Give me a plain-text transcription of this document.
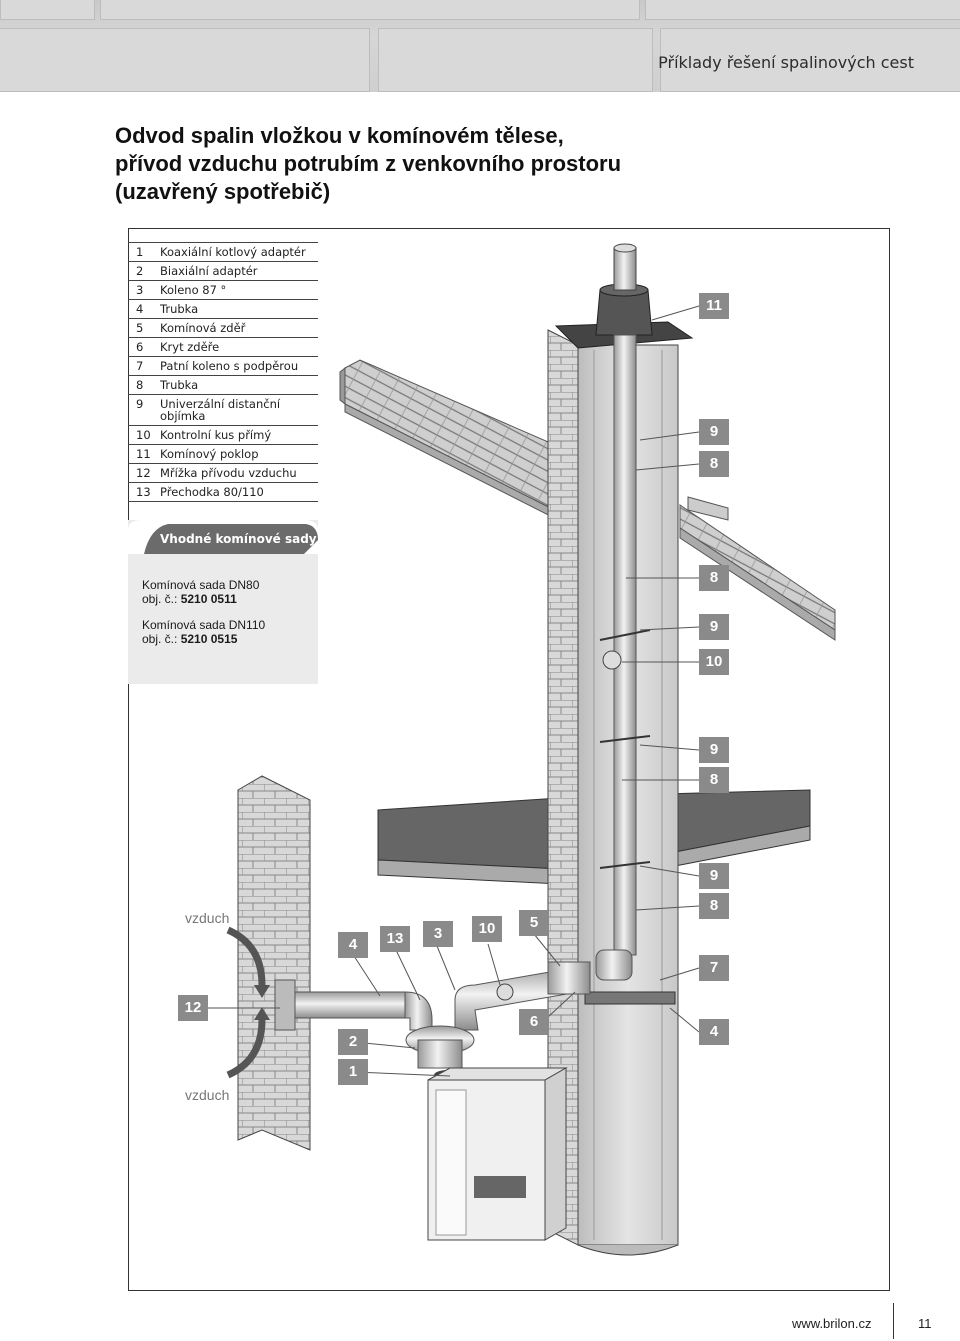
Příklady řešení spalinových cest
Odvod spalin vložkou v komínovém tělese,
přívod vzduchu potrubím z venkovního prostoru
(uzavřený spotřebič)
1	Koaxiální kotlový adaptér
2	Biaxiální adaptér
3	Koleno 87 °
4	Trubka
5	Komínová zděř
6	Kryt zděře
7	Patní koleno s podpěrou
8	Trubka
9	Univerzální distanční objímka
10 Kontrolní kus přímý
11 Komínový poklop
12 Mřížka přívodu vzduchu
13 Přechodka 80/110
Vhodné komínové sady
Komínová sada DN80
obj. č.: 5210 0511
Komínová sada DN110
obj. č.: 5210 0515
11
9
8
8
9
10
9
8
9
8
7
4
4	13	3	10	5
12
2
1
6
vzduch
vzduch
www.brilon.cz	11
